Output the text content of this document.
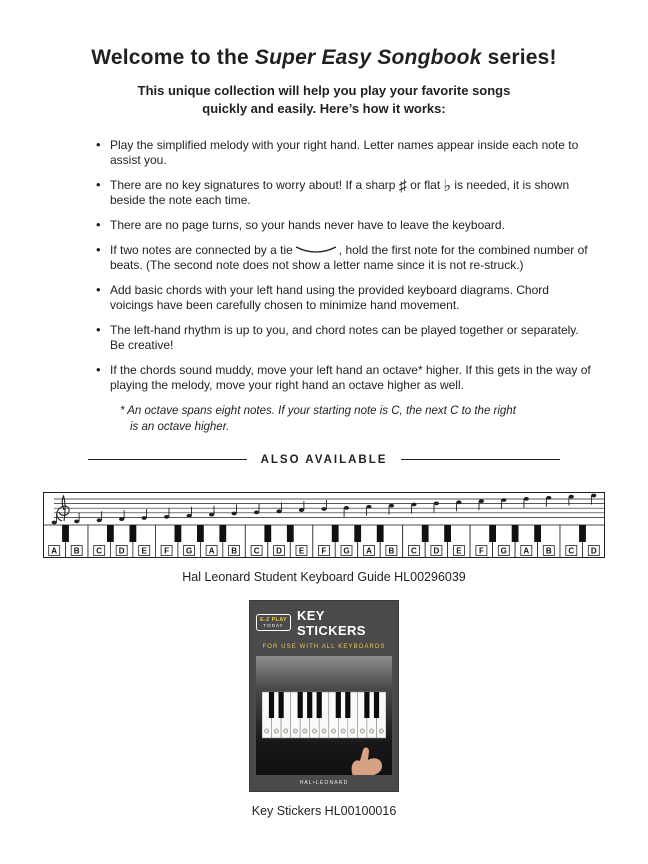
Welcome to the Super Easy Songbook series!

This unique collection will help you play your favorite songs
quickly and easily. Here’s how it works:

• Play the simplified melody with your right hand. Letter names appear inside each note to assist you.
• There are no key signatures to worry about! If a sharp ♯ or flat ♭ is needed, it is shown beside the note each time.
• There are no page turns, so your hands never have to leave the keyboard.
• If two notes are connected by a tie	, hold the first note for the combined number of beats. (The second note does not show a letter name since it is not re-struck.)
• Add basic chords with your left hand using the provided keyboard diagrams. Chord voicings have been carefully chosen to minimize hand movement.
• The left-hand rhythm is up to you, and chord notes can be played together or separately. Be creative!
• If the chords sound muddy, move your left hand an octave* higher. If this gets in the way of playing the melody, move your right hand an octave higher as well.

* An octave spans eight notes. If your starting note is C, the next C to the right
is an octave higher.

ALSO AVAILABLE
A B C D E F G A B C D E F G A B C D E F G A B C D

Hal Leonard Student Keyboard Guide HL00296039

E-Z PLAY
TODAY
KEY STICKERS
FOR USE WITH ALL KEYBOARDS
HAL•LEONARD

Key Stickers HL00100016
